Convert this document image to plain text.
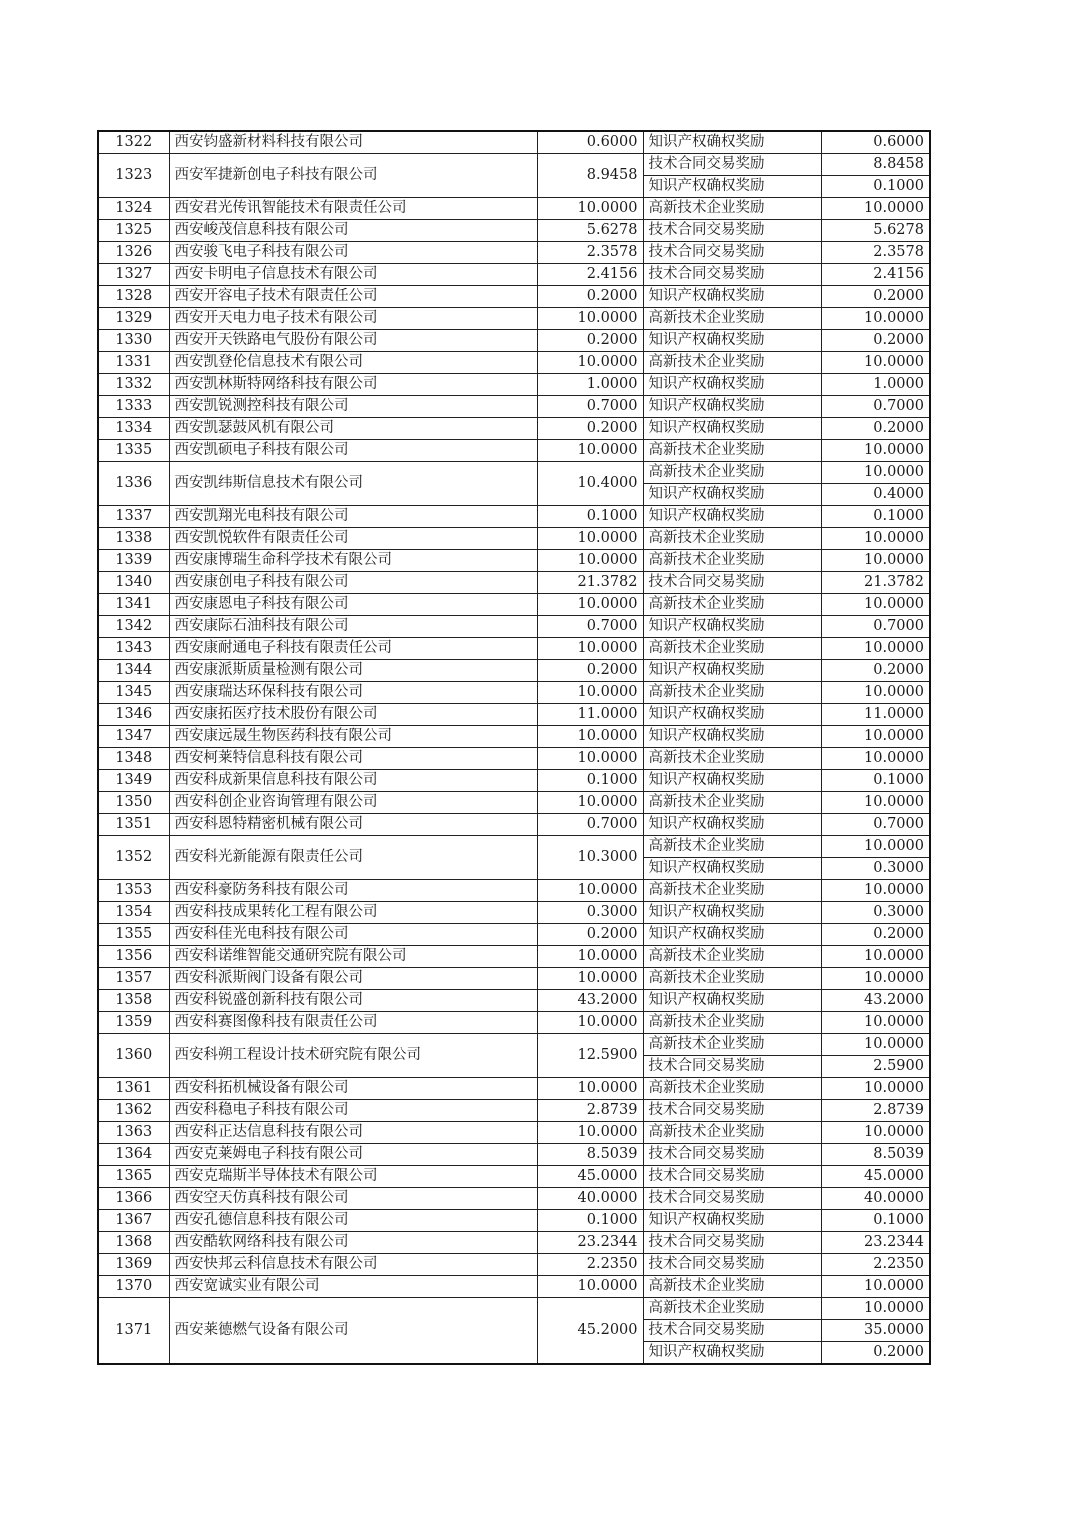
1322	西安钧盛新材料科技有限公司	0.6000	知识产权确权奖励	0.6000
1323	西安军捷新创电子科技有限公司	8.9458	技术合同交易奖励	8.8458
			知识产权确权奖励	0.1000
1324	西安君光传讯智能技术有限责任公司	10.0000	高新技术企业奖励	10.0000
1325	西安峻茂信息科技有限公司	5.6278	技术合同交易奖励	5.6278
1326	西安骏飞电子科技有限公司	2.3578	技术合同交易奖励	2.3578
1327	西安卡明电子信息技术有限公司	2.4156	技术合同交易奖励	2.4156
1328	西安开容电子技术有限责任公司	0.2000	知识产权确权奖励	0.2000
1329	西安开天电力电子技术有限公司	10.0000	高新技术企业奖励	10.0000
1330	西安开天铁路电气股份有限公司	0.2000	知识产权确权奖励	0.2000
1331	西安凯登伦信息技术有限公司	10.0000	高新技术企业奖励	10.0000
1332	西安凯林斯特网络科技有限公司	1.0000	知识产权确权奖励	1.0000
1333	西安凯锐测控科技有限公司	0.7000	知识产权确权奖励	0.7000
1334	西安凯瑟鼓风机有限公司	0.2000	知识产权确权奖励	0.2000
1335	西安凯硕电子科技有限公司	10.0000	高新技术企业奖励	10.0000
1336	西安凯纬斯信息技术有限公司	10.4000	高新技术企业奖励	10.0000
			知识产权确权奖励	0.4000
1337	西安凯翔光电科技有限公司	0.1000	知识产权确权奖励	0.1000
1338	西安凯悦软件有限责任公司	10.0000	高新技术企业奖励	10.0000
1339	西安康博瑞生命科学技术有限公司	10.0000	高新技术企业奖励	10.0000
1340	西安康创电子科技有限公司	21.3782	技术合同交易奖励	21.3782
1341	西安康恩电子科技有限公司	10.0000	高新技术企业奖励	10.0000
1342	西安康际石油科技有限公司	0.7000	知识产权确权奖励	0.7000
1343	西安康耐通电子科技有限责任公司	10.0000	高新技术企业奖励	10.0000
1344	西安康派斯质量检测有限公司	0.2000	知识产权确权奖励	0.2000
1345	西安康瑞达环保科技有限公司	10.0000	高新技术企业奖励	10.0000
1346	西安康拓医疗技术股份有限公司	11.0000	知识产权确权奖励	11.0000
1347	西安康远晟生物医药科技有限公司	10.0000	知识产权确权奖励	10.0000
1348	西安柯莱特信息科技有限公司	10.0000	高新技术企业奖励	10.0000
1349	西安科成新果信息科技有限公司	0.1000	知识产权确权奖励	0.1000
1350	西安科创企业咨询管理有限公司	10.0000	高新技术企业奖励	10.0000
1351	西安科恩特精密机械有限公司	0.7000	知识产权确权奖励	0.7000
1352	西安科光新能源有限责任公司	10.3000	高新技术企业奖励	10.0000
			知识产权确权奖励	0.3000
1353	西安科豪防务科技有限公司	10.0000	高新技术企业奖励	10.0000
1354	西安科技成果转化工程有限公司	0.3000	知识产权确权奖励	0.3000
1355	西安科佳光电科技有限公司	0.2000	知识产权确权奖励	0.2000
1356	西安科诺维智能交通研究院有限公司	10.0000	高新技术企业奖励	10.0000
1357	西安科派斯阀门设备有限公司	10.0000	高新技术企业奖励	10.0000
1358	西安科锐盛创新科技有限公司	43.2000	知识产权确权奖励	43.2000
1359	西安科赛图像科技有限责任公司	10.0000	高新技术企业奖励	10.0000
1360	西安科朔工程设计技术研究院有限公司	12.5900	高新技术企业奖励	10.0000
			技术合同交易奖励	2.5900
1361	西安科拓机械设备有限公司	10.0000	高新技术企业奖励	10.0000
1362	西安科稳电子科技有限公司	2.8739	技术合同交易奖励	2.8739
1363	西安科正达信息科技有限公司	10.0000	高新技术企业奖励	10.0000
1364	西安克莱姆电子科技有限公司	8.5039	技术合同交易奖励	8.5039
1365	西安克瑞斯半导体技术有限公司	45.0000	技术合同交易奖励	45.0000
1366	西安空天仿真科技有限公司	40.0000	技术合同交易奖励	40.0000
1367	西安孔德信息科技有限公司	0.1000	知识产权确权奖励	0.1000
1368	西安酷软网络科技有限公司	23.2344	技术合同交易奖励	23.2344
1369	西安快邦云科信息技术有限公司	2.2350	技术合同交易奖励	2.2350
1370	西安宽诚实业有限公司	10.0000	高新技术企业奖励	10.0000
1371	西安莱德燃气设备有限公司	45.2000	高新技术企业奖励	10.0000
			技术合同交易奖励	35.0000
			知识产权确权奖励	0.2000
